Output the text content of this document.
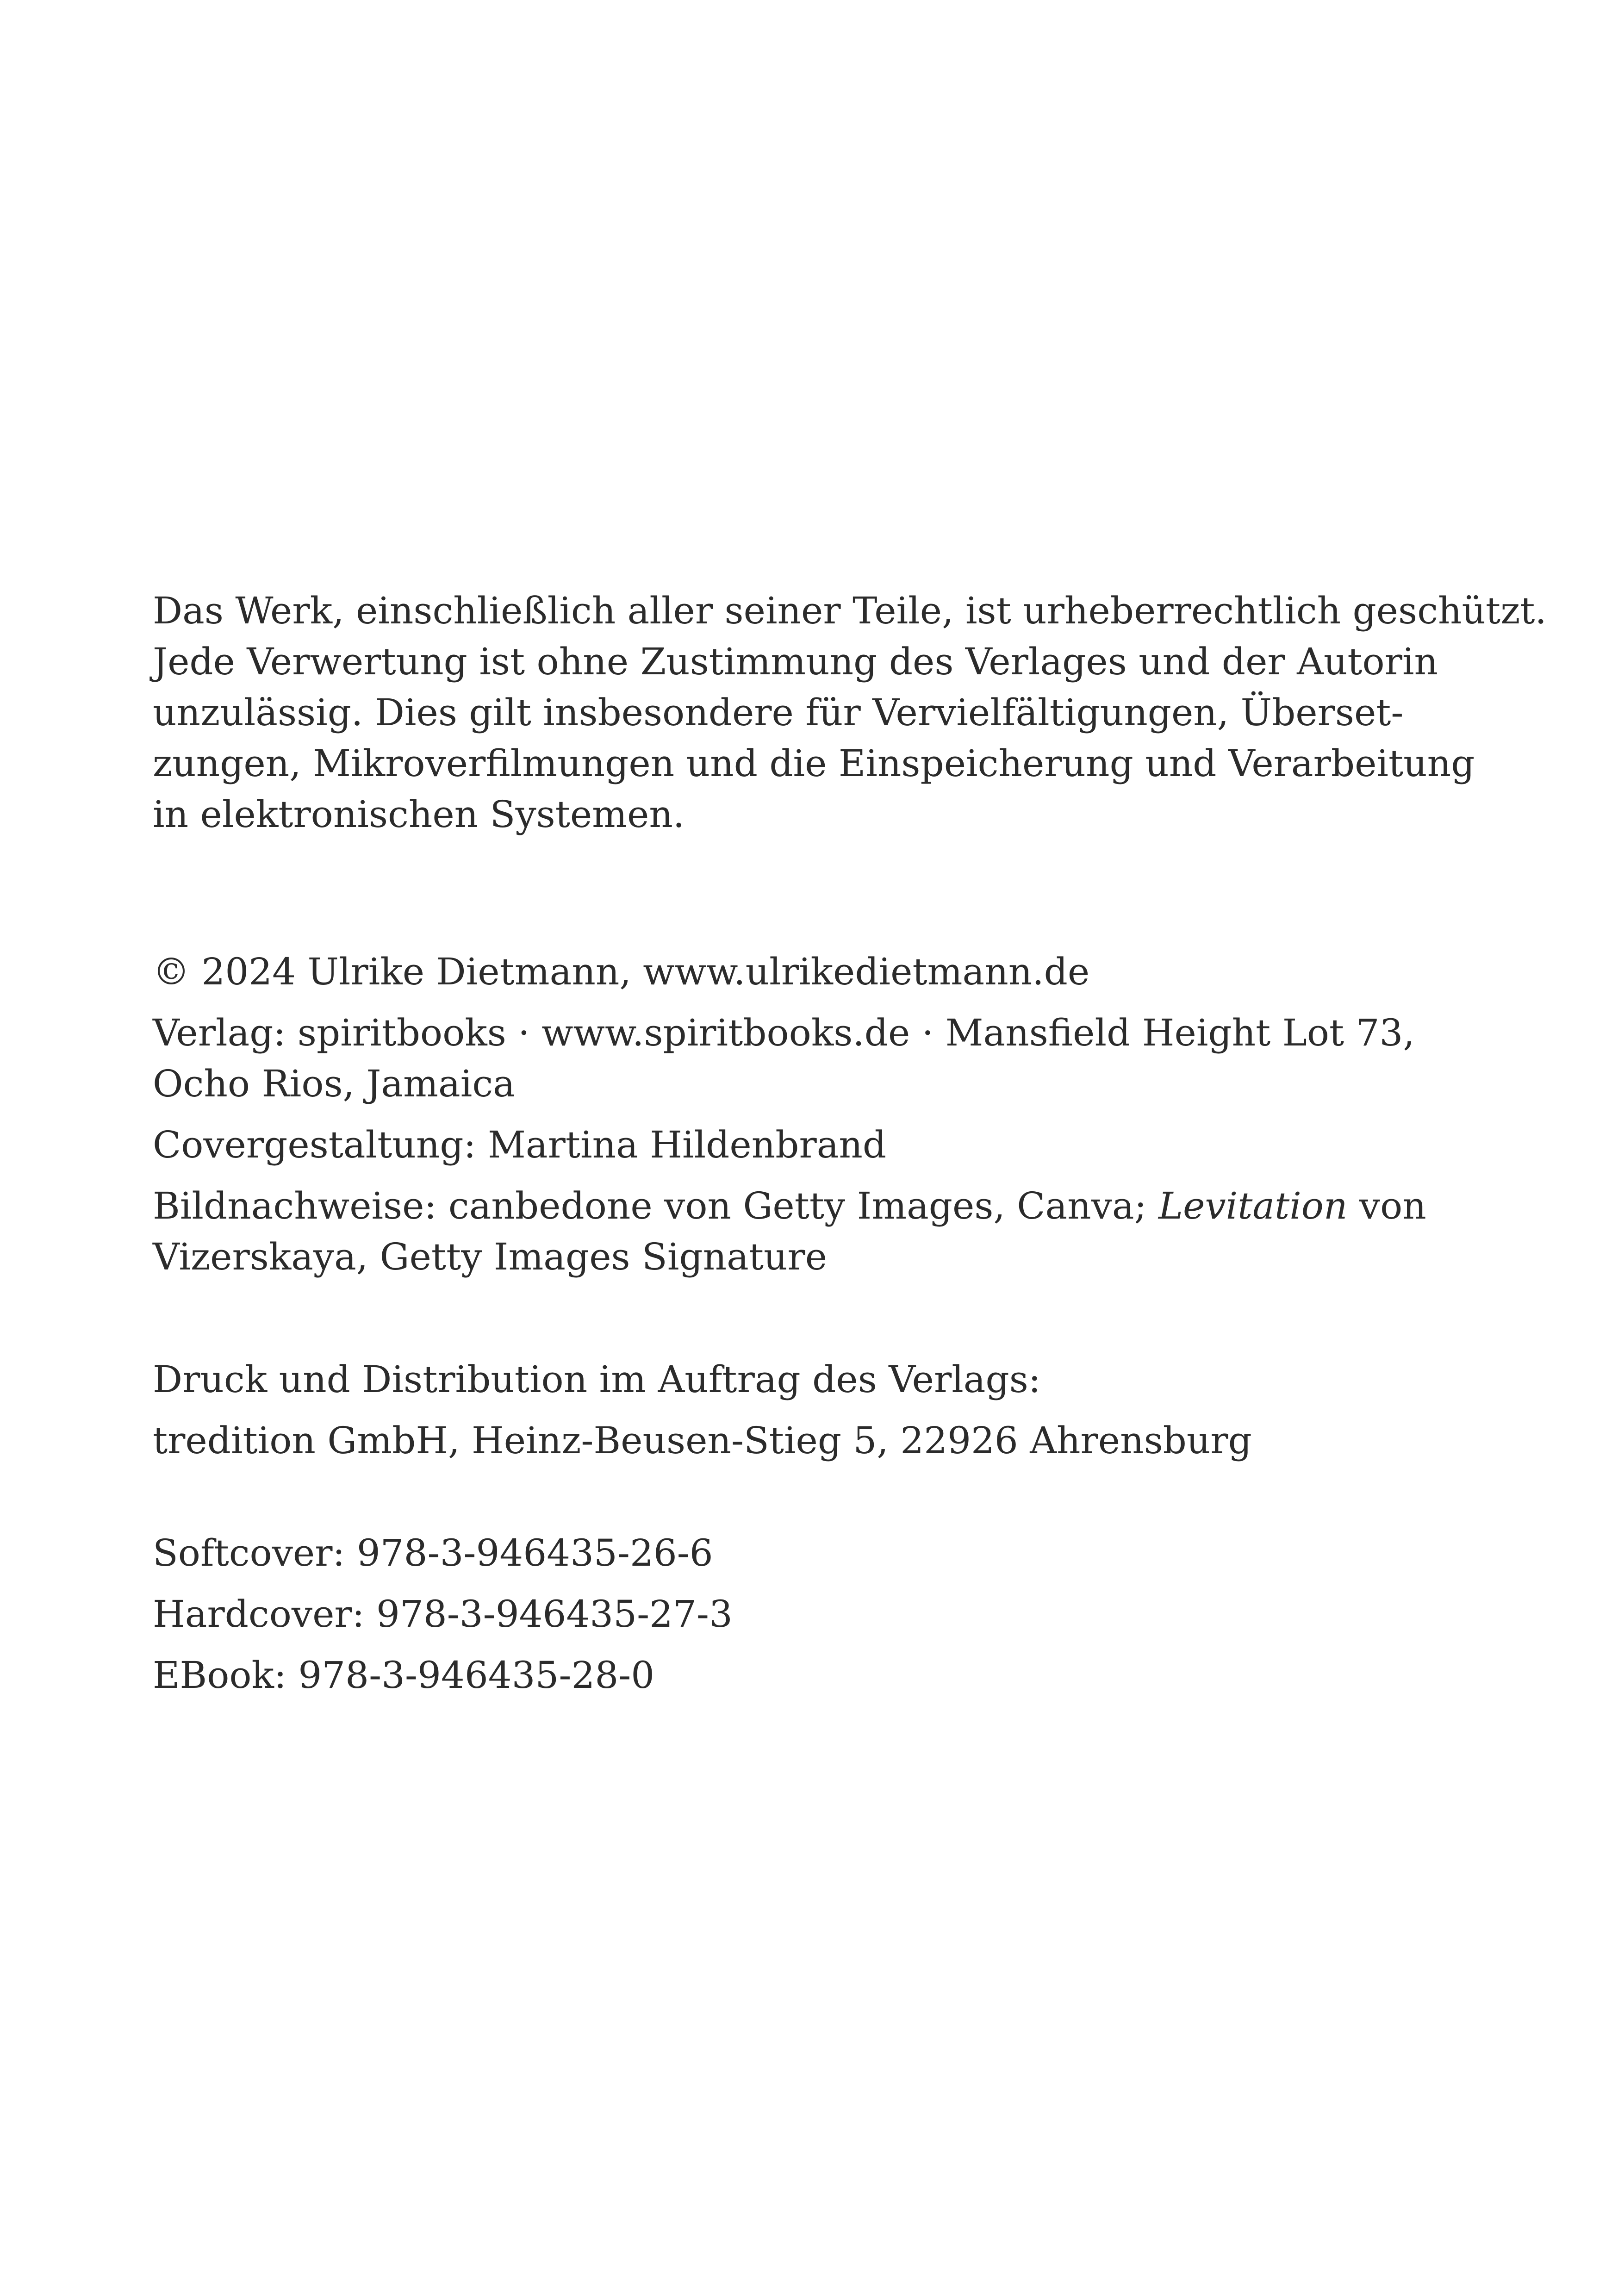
Das Werk, einschließlich aller seiner Teile, ist urheberrechtlich geschützt.
Jede Verwertung ist ohne Zustimmung des Verlages und der Autorin
unzulässig. Dies gilt insbesondere für Vervielfältigungen, Überset-
zungen, Mikroverfilmungen und die Einspeicherung und Verarbeitung
in elektronischen Systemen.
© 2024 Ulrike Dietmann, www.ulrikedietmann.de
Verlag: spiritbooks · www.spiritbooks.de · Mansfield Height Lot 73,
Ocho Rios, Jamaica
Covergestaltung: Martina Hildenbrand
Bildnachweise: canbedone von Getty Images, Canva; Levitation von
Vizerskaya, Getty Images Signature
Druck und Distribution im Auftrag des Verlags:
tredition GmbH, Heinz-Beusen-Stieg 5, 22926 Ahrensburg
Softcover: 978-3-946435-26-6
Hardcover: 978-3-946435-27-3
EBook: 978-3-946435-28-0
